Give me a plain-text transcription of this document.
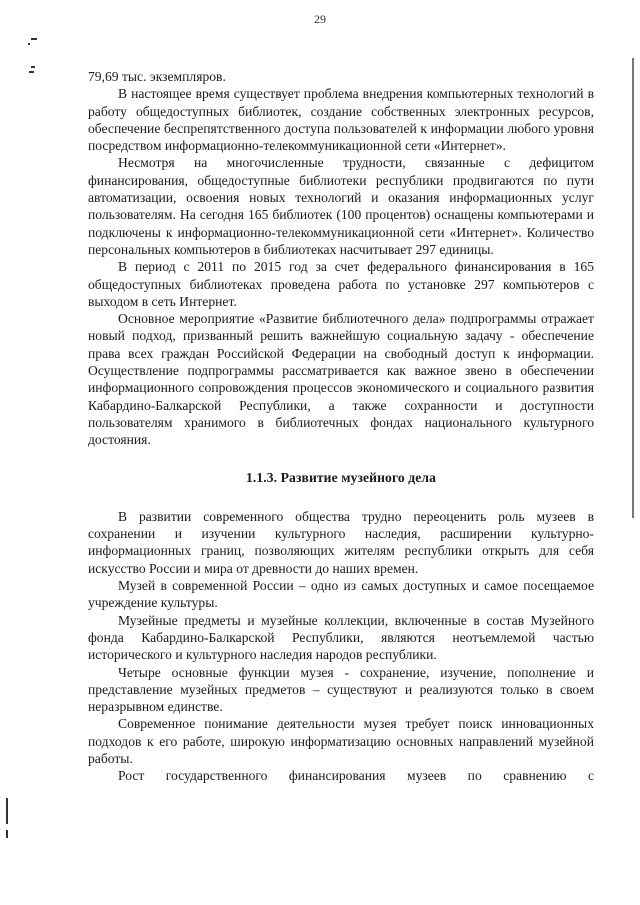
29

79,69 тыс. экземпляров.

В настоящее время существует проблема внедрения компьютерных технологий в работу общедоступных библиотек, создание собственных электронных ресурсов, обеспечение беспрепятственного доступа пользователей к информации любого уровня посредством информационно-телекоммуникационной сети «Интернет».

Несмотря на многочисленные трудности, связанные с дефицитом финансирования, общедоступные библиотеки республики продвигаются по пути автоматизации, освоения новых технологий и оказания информационных услуг пользователям. На сегодня 165 библиотек (100 процентов) оснащены компьютерами и подключены к информационно-телекоммуникационной сети «Интернет». Количество персональных компьютеров в библиотеках насчитывает 297 единицы.

В период с 2011 по 2015 год за счет федерального финансирования в 165 общедоступных библиотеках проведена работа по установке 297 компьютеров с выходом в сеть Интернет.

Основное мероприятие «Развитие библиотечного дела» подпрограммы отражает новый подход, призванный решить важнейшую социальную задачу - обеспечение права всех граждан Российской Федерации на свободный доступ к информации. Осуществление подпрограммы рассматривается как важное звено в обеспечении информационного сопровождения процессов экономического и социального развития Кабардино-Балкарской Республики, а также сохранности и доступности пользователям хранимого в библиотечных фондах национального культурного достояния.

1.1.3. Развитие музейного дела

В развитии современного общества трудно переоценить роль музеев в сохранении и изучении культурного наследия, расширении культурно-информационных границ, позволяющих жителям республики открыть для себя искусство России и мира от древности до наших времен.

Музей в современной России – одно из самых доступных и самое посещаемое учреждение культуры.

Музейные предметы и музейные коллекции, включенные в состав Музейного фонда Кабардино-Балкарской Республики, являются неотъемлемой частью исторического и культурного наследия народов республики.

Четыре основные функции музея - сохранение, изучение, пополнение и представление музейных предметов – существуют и реализуются только в своем неразрывном единстве.

Современное понимание деятельности музея требует поиск инновационных подходов к его работе, широкую информатизацию основных направлений музейной работы.

Рост государственного финансирования музеев по сравнению с
